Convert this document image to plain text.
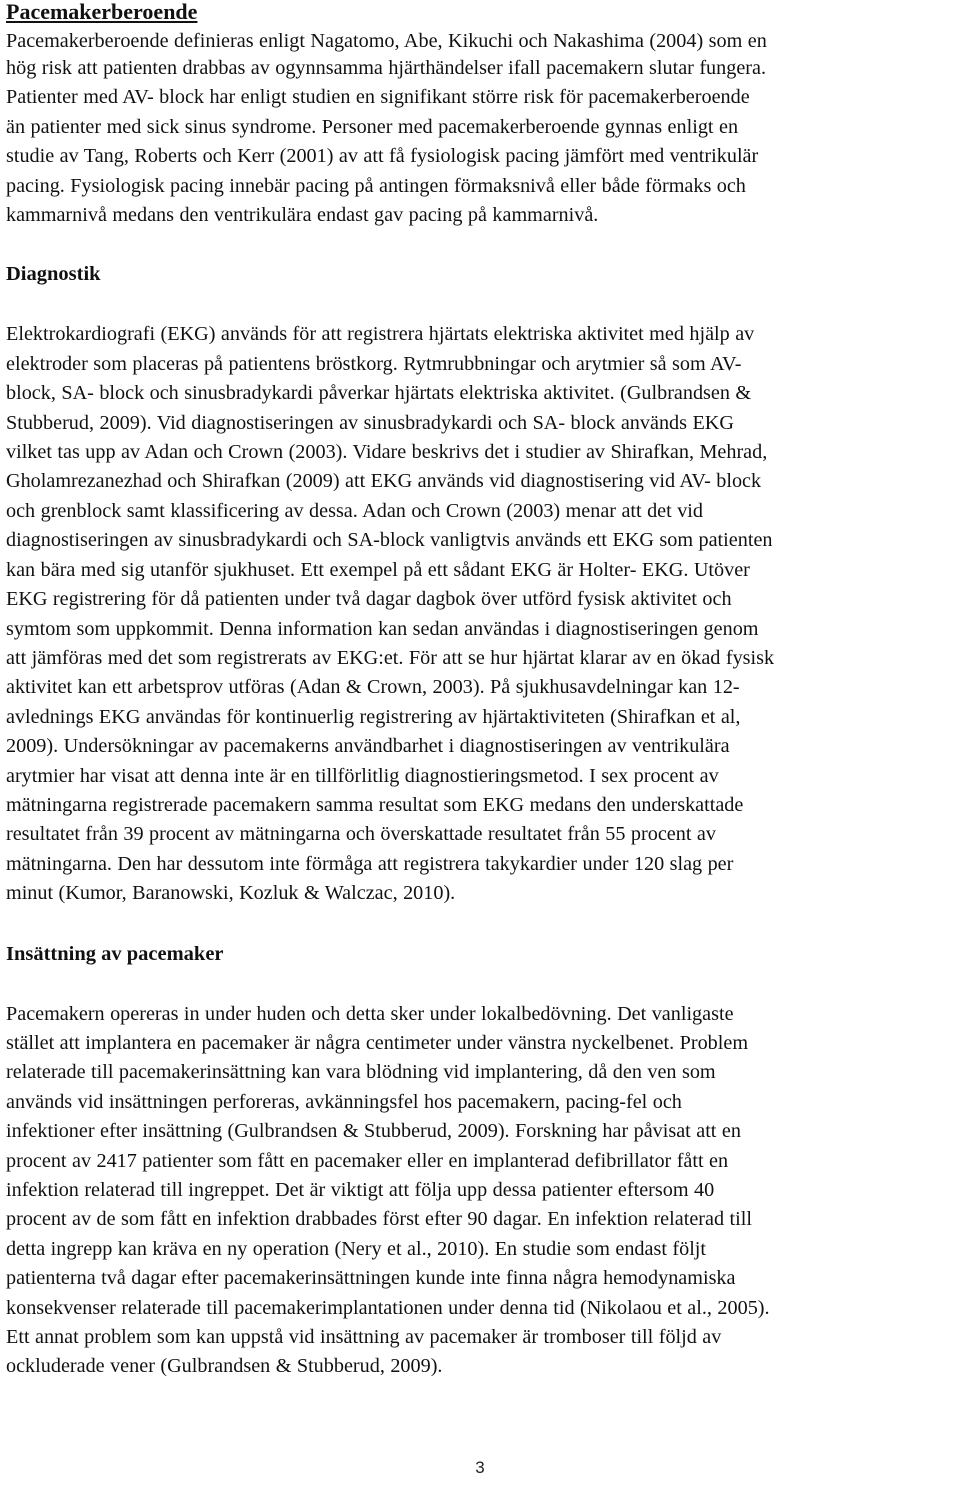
Pacemakerberoende
Pacemakerberoende definieras enligt Nagatomo, Abe, Kikuchi och Nakashima (2004) som en
hög risk att patienten drabbas av ogynnsamma hjärthändelser ifall pacemakern slutar fungera.
Patienter med AV- block har enligt studien en signifikant större risk för pacemakerberoende
än patienter med sick sinus syndrome. Personer med pacemakerberoende gynnas enligt en
studie av Tang, Roberts och Kerr (2001) av att få fysiologisk pacing jämfört med ventrikulär
pacing. Fysiologisk pacing innebär pacing på antingen förmaksnivå eller både förmaks och
kammarnivå medans den ventrikulära endast gav pacing på kammarnivå.
Diagnostik
Elektrokardiografi (EKG) används för att registrera hjärtats elektriska aktivitet med hjälp av
elektroder som placeras på patientens bröstkorg. Rytmrubbningar och arytmier så som AV-
block, SA- block och sinusbradykardi påverkar hjärtats elektriska aktivitet. (Gulbrandsen &
Stubberud, 2009). Vid diagnostiseringen av sinusbradykardi och SA- block används EKG
vilket tas upp av Adan och Crown (2003). Vidare beskrivs det i studier av Shirafkan, Mehrad,
Gholamrezanezhad och Shirafkan (2009) att EKG används vid diagnostisering vid AV- block
och grenblock samt klassificering av dessa. Adan och Crown (2003) menar att det vid
diagnostiseringen av sinusbradykardi och SA-block vanligtvis används ett EKG som patienten
kan bära med sig utanför sjukhuset. Ett exempel på ett sådant EKG är Holter- EKG. Utöver
EKG registrering för då patienten under två dagar dagbok över utförd fysisk aktivitet och
symtom som uppkommit. Denna information kan sedan användas i diagnostiseringen genom
att jämföras med det som registrerats av EKG:et. För att se hur hjärtat klarar av en ökad fysisk
aktivitet kan ett arbetsprov utföras (Adan & Crown, 2003). På sjukhusavdelningar kan 12-
avlednings EKG användas för kontinuerlig registrering av hjärtaktiviteten (Shirafkan et al,
2009). Undersökningar av pacemakerns användbarhet i diagnostiseringen av ventrikulära
arytmier har visat att denna inte är en tillförlitlig diagnostieringsmetod. I sex procent av
mätningarna registrerade pacemakern samma resultat som EKG medans den underskattade
resultatet från 39 procent av mätningarna och överskattade resultatet från 55 procent av
mätningarna. Den har dessutom inte förmåga att registrera takykardier under 120 slag per
minut (Kumor, Baranowski, Kozluk & Walczac, 2010).
Insättning av pacemaker
Pacemakern opereras in under huden och detta sker under lokalbedövning. Det vanligaste
stället att implantera en pacemaker är några centimeter under vänstra nyckelbenet. Problem
relaterade till pacemakerinsättning kan vara blödning vid implantering, då den ven som
används vid insättningen perforeras, avkänningsfel hos pacemakern, pacing-fel och
infektioner efter insättning (Gulbrandsen & Stubberud, 2009). Forskning har påvisat att en
procent av 2417 patienter som fått en pacemaker eller en implanterad defibrillator fått en
infektion relaterad till ingreppet. Det är viktigt att följa upp dessa patienter eftersom 40
procent av de som fått en infektion drabbades först efter 90 dagar. En infektion relaterad till
detta ingrepp kan kräva en ny operation (Nery et al., 2010). En studie som endast följt
patienterna två dagar efter pacemakerinsättningen kunde inte finna några hemodynamiska
konsekvenser relaterade till pacemakerimplantationen under denna tid (Nikolaou et al., 2005).
Ett annat problem som kan uppstå vid insättning av pacemaker är tromboser till följd av
ockluderade vener (Gulbrandsen & Stubberud, 2009).
3
